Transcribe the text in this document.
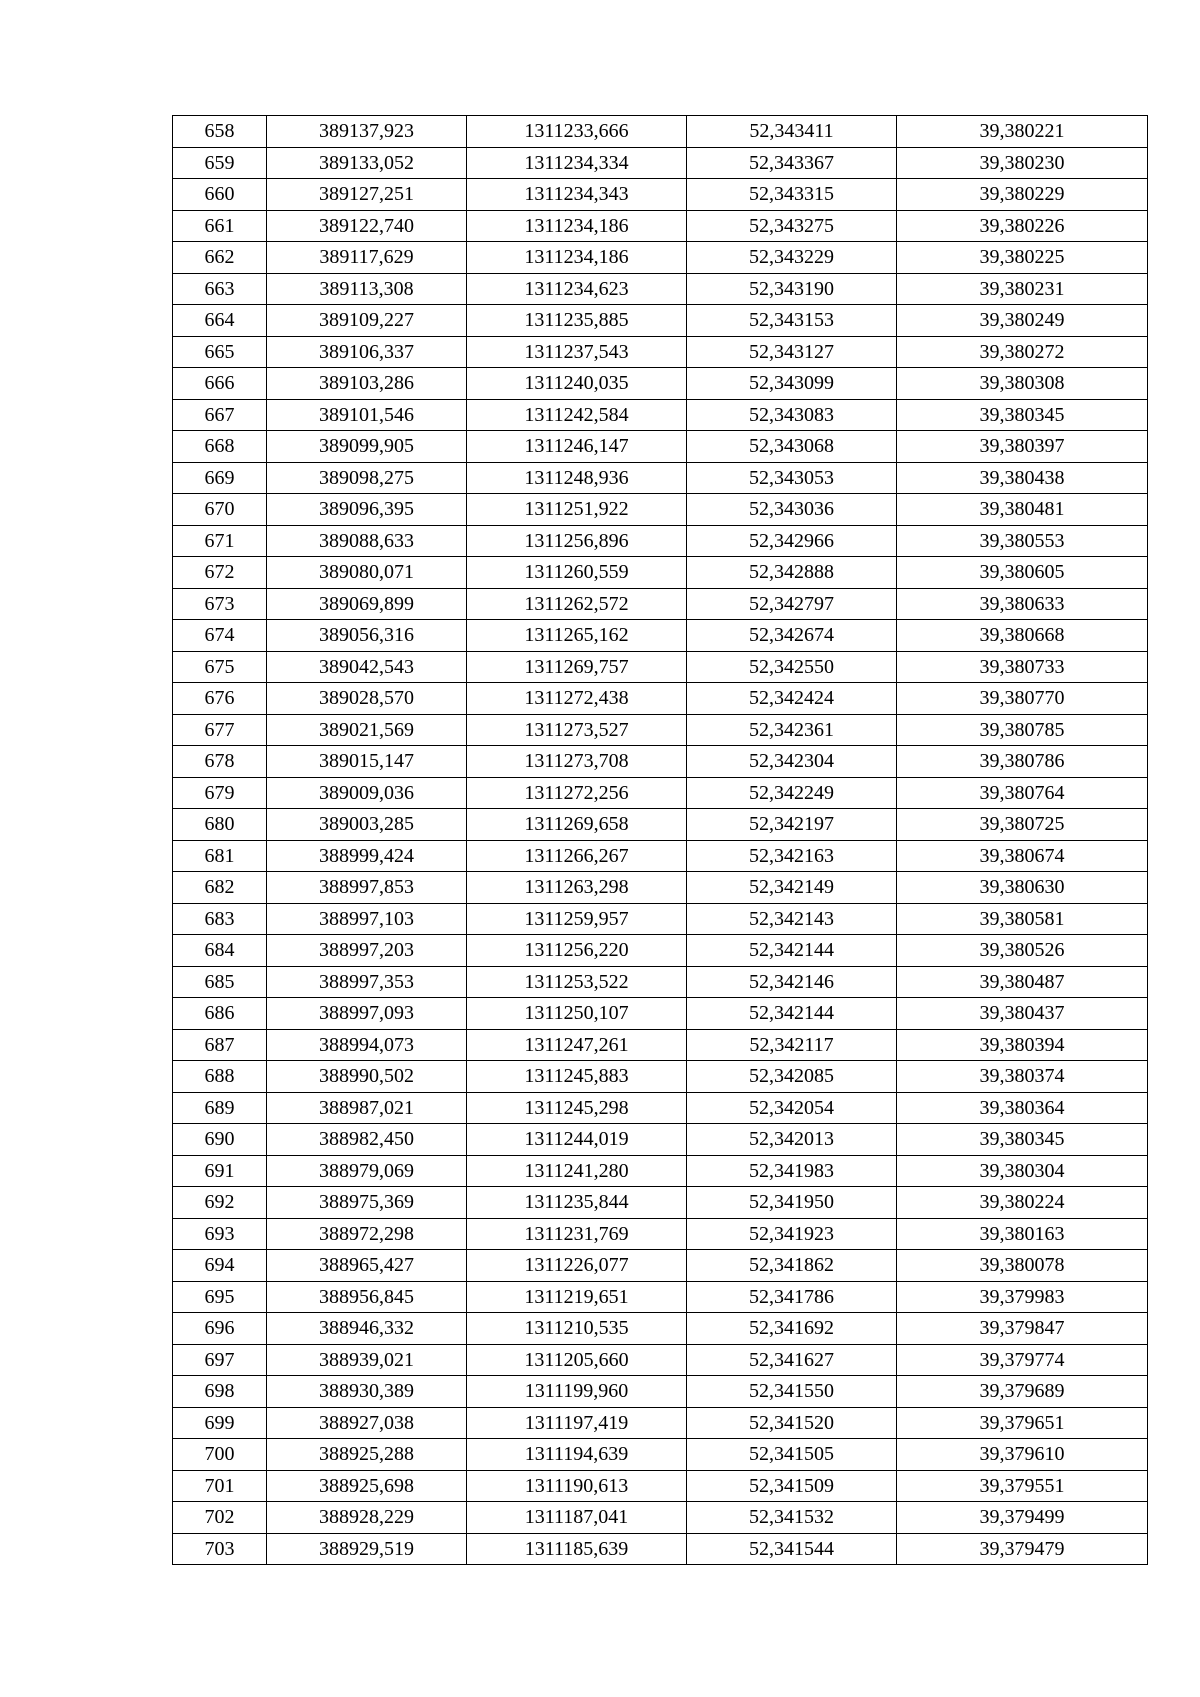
658	389137,923	1311233,666	52,343411	39,380221
659	389133,052	1311234,334	52,343367	39,380230
660	389127,251	1311234,343	52,343315	39,380229
661	389122,740	1311234,186	52,343275	39,380226
662	389117,629	1311234,186	52,343229	39,380225
663	389113,308	1311234,623	52,343190	39,380231
664	389109,227	1311235,885	52,343153	39,380249
665	389106,337	1311237,543	52,343127	39,380272
666	389103,286	1311240,035	52,343099	39,380308
667	389101,546	1311242,584	52,343083	39,380345
668	389099,905	1311246,147	52,343068	39,380397
669	389098,275	1311248,936	52,343053	39,380438
670	389096,395	1311251,922	52,343036	39,380481
671	389088,633	1311256,896	52,342966	39,380553
672	389080,071	1311260,559	52,342888	39,380605
673	389069,899	1311262,572	52,342797	39,380633
674	389056,316	1311265,162	52,342674	39,380668
675	389042,543	1311269,757	52,342550	39,380733
676	389028,570	1311272,438	52,342424	39,380770
677	389021,569	1311273,527	52,342361	39,380785
678	389015,147	1311273,708	52,342304	39,380786
679	389009,036	1311272,256	52,342249	39,380764
680	389003,285	1311269,658	52,342197	39,380725
681	388999,424	1311266,267	52,342163	39,380674
682	388997,853	1311263,298	52,342149	39,380630
683	388997,103	1311259,957	52,342143	39,380581
684	388997,203	1311256,220	52,342144	39,380526
685	388997,353	1311253,522	52,342146	39,380487
686	388997,093	1311250,107	52,342144	39,380437
687	388994,073	1311247,261	52,342117	39,380394
688	388990,502	1311245,883	52,342085	39,380374
689	388987,021	1311245,298	52,342054	39,380364
690	388982,450	1311244,019	52,342013	39,380345
691	388979,069	1311241,280	52,341983	39,380304
692	388975,369	1311235,844	52,341950	39,380224
693	388972,298	1311231,769	52,341923	39,380163
694	388965,427	1311226,077	52,341862	39,380078
695	388956,845	1311219,651	52,341786	39,379983
696	388946,332	1311210,535	52,341692	39,379847
697	388939,021	1311205,660	52,341627	39,379774
698	388930,389	1311199,960	52,341550	39,379689
699	388927,038	1311197,419	52,341520	39,379651
700	388925,288	1311194,639	52,341505	39,379610
701	388925,698	1311190,613	52,341509	39,379551
702	388928,229	1311187,041	52,341532	39,379499
703	388929,519	1311185,639	52,341544	39,379479
